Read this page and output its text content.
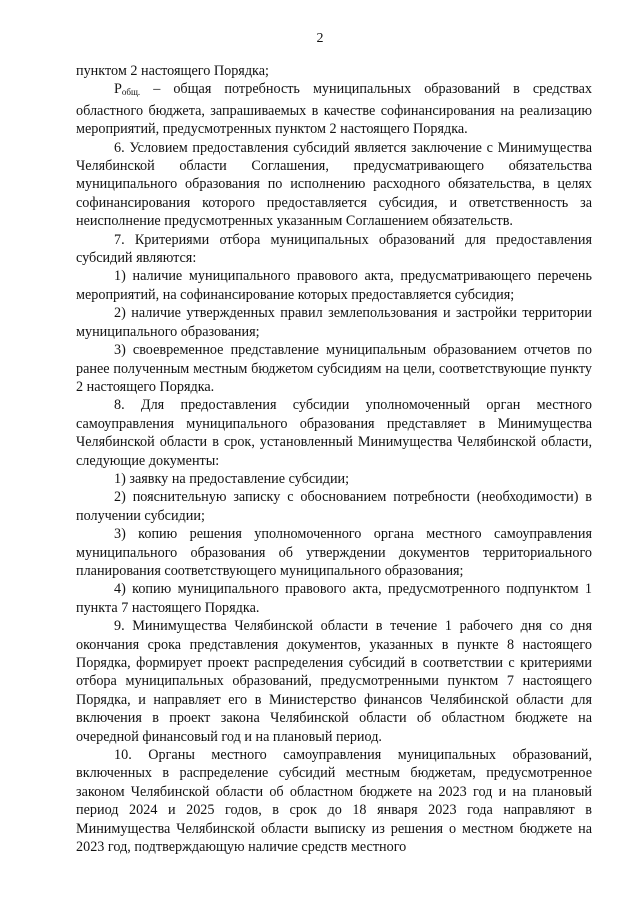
2

пунктом 2 настоящего Порядка;

$P_{общ.}$ – общая потребность муниципальных образований в средствах областного бюджета, запрашиваемых в качестве софинансирования на реализацию мероприятий, предусмотренных пунктом 2 настоящего Порядка.

6. Условием предоставления субсидий является заключение с Минимущества Челябинской области Соглашения, предусматривающего обязательства муниципального образования по исполнению расходного обязательства, в целях софинансирования которого предоставляется субсидия, и ответственность за неисполнение предусмотренных указанным Соглашением обязательств.

7. Критериями отбора муниципальных образований для предоставления субсидий являются:

1) наличие муниципального правового акта, предусматривающего перечень мероприятий, на софинансирование которых предоставляется субсидия;

2) наличие утвержденных правил землепользования и застройки территории муниципального образования;

3) своевременное представление муниципальным образованием отчетов по ранее полученным местным бюджетом субсидиям на цели, соответствующие пункту 2 настоящего Порядка.

8. Для предоставления субсидии уполномоченный орган местного самоуправления муниципального образования представляет в Минимущества Челябинской области в срок, установленный Минимущества Челябинской области, следующие документы:

1) заявку на предоставление субсидии;

2) пояснительную записку с обоснованием потребности (необходимости) в получении субсидии;

3) копию решения уполномоченного органа местного самоуправления муниципального образования об утверждении документов территориального планирования соответствующего муниципального образования;

4) копию муниципального правового акта, предусмотренного подпунктом 1 пункта 7 настоящего Порядка.

9. Минимущества Челябинской области в течение 1 рабочего дня со дня окончания срока представления документов, указанных в пункте 8 настоящего Порядка, формирует проект распределения субсидий в соответствии с критериями отбора муниципальных образований, предусмотренными пунктом 7 настоящего Порядка, и направляет его в Министерство финансов Челябинской области для включения в проект закона Челябинской области об областном бюджете на очередной финансовый год и на плановый период.

10. Органы местного самоуправления муниципальных образований, включенных в распределение субсидий местным бюджетам, предусмотренное законом Челябинской области об областном бюджете на 2023 год и на плановый период 2024 и 2025 годов, в срок до 18 января 2023 года направляют в Минимущества Челябинской области выписку из решения о местном бюджете на 2023 год, подтверждающую наличие средств местного
